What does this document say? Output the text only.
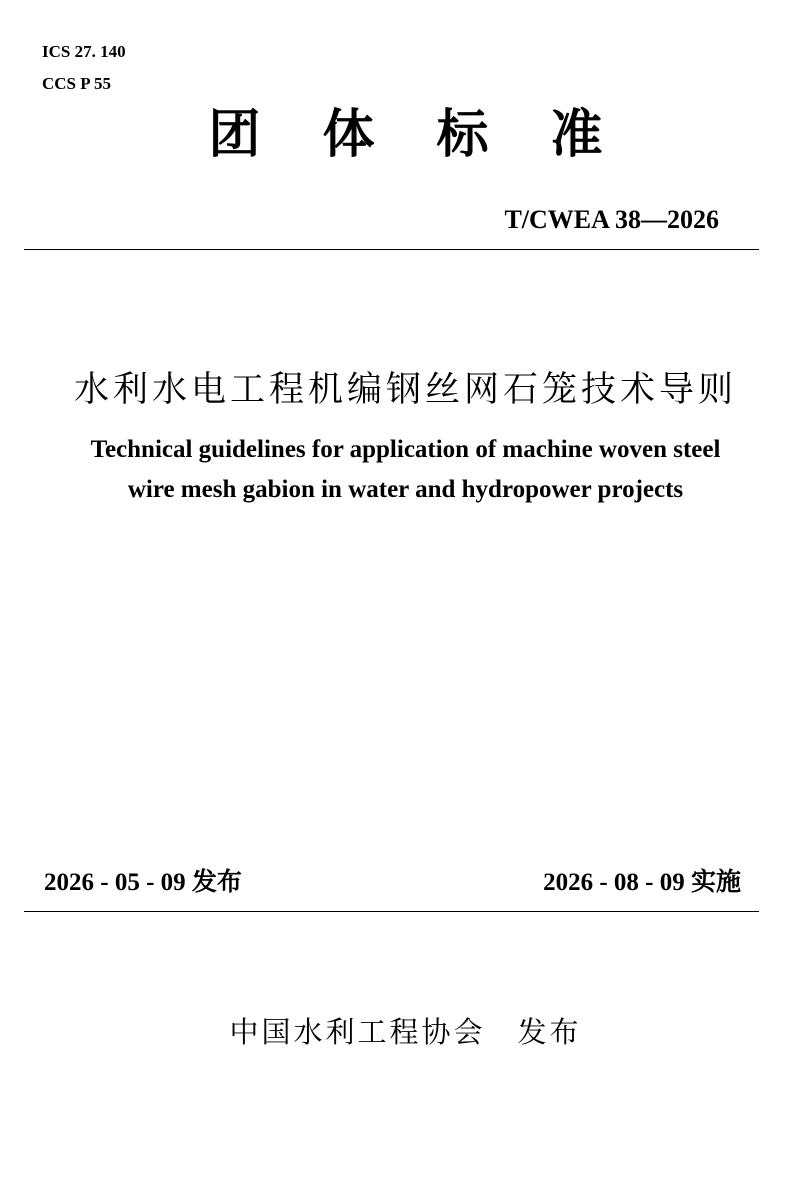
ICS 27. 140
CCS P 55
团体标准
T/CWEA 38—2026
水利水电工程机编钢丝网石笼技术导则
Technical guidelines for application of machine woven steel
wire mesh gabion in water and hydropower projects
2026 - 05 - 09 发布	2026 - 08 - 09 实施
中国水利工程协会　发布
